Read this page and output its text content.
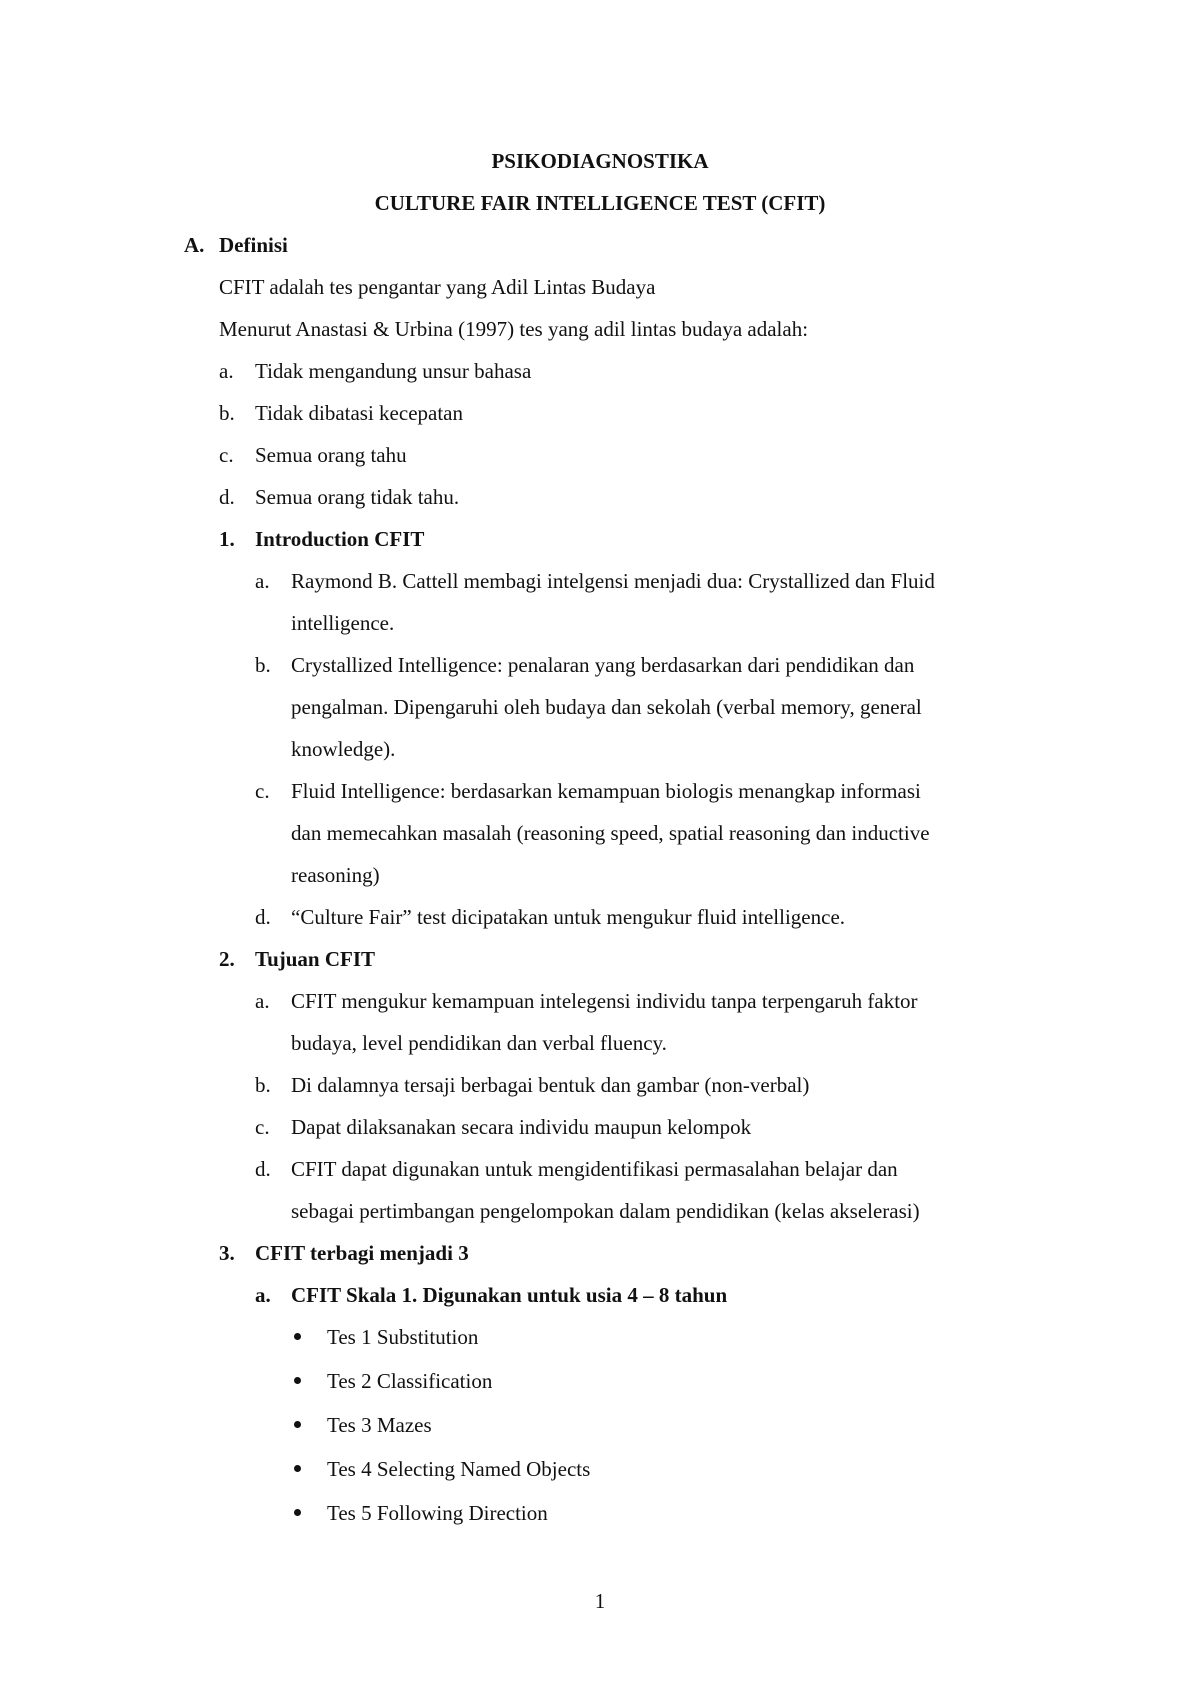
PSIKODIAGNOSTIKA
CULTURE FAIR INTELLIGENCE TEST (CFIT)
A. Definisi
CFIT adalah tes pengantar yang Adil Lintas Budaya
Menurut Anastasi & Urbina (1997) tes yang adil lintas budaya adalah:
a. Tidak mengandung unsur bahasa
b. Tidak dibatasi kecepatan
c. Semua orang tahu
d. Semua orang tidak tahu.
1. Introduction CFIT
a. Raymond B. Cattell membagi intelgensi menjadi dua: Crystallized dan Fluid
intelligence.
b. Crystallized Intelligence: penalaran yang berdasarkan dari pendidikan dan
pengalman. Dipengaruhi oleh budaya dan sekolah (verbal memory, general
knowledge).
c. Fluid Intelligence: berdasarkan kemampuan biologis menangkap informasi
dan memecahkan masalah (reasoning speed, spatial reasoning dan inductive
reasoning)
d. “Culture Fair” test dicipatakan untuk mengukur fluid intelligence.
2. Tujuan CFIT
a. CFIT mengukur kemampuan intelegensi individu tanpa terpengaruh faktor
budaya, level pendidikan dan verbal fluency.
b. Di dalamnya tersaji berbagai bentuk dan gambar (non-verbal)
c. Dapat dilaksanakan secara individu maupun kelompok
d. CFIT dapat digunakan untuk mengidentifikasi permasalahan belajar dan
sebagai pertimbangan pengelompokan dalam pendidikan (kelas akselerasi)
3. CFIT terbagi menjadi 3
a. CFIT Skala 1. Digunakan untuk usia 4 – 8 tahun
Tes 1 Substitution
Tes 2 Classification
Tes 3 Mazes
Tes 4 Selecting Named Objects
Tes 5 Following Direction
1
